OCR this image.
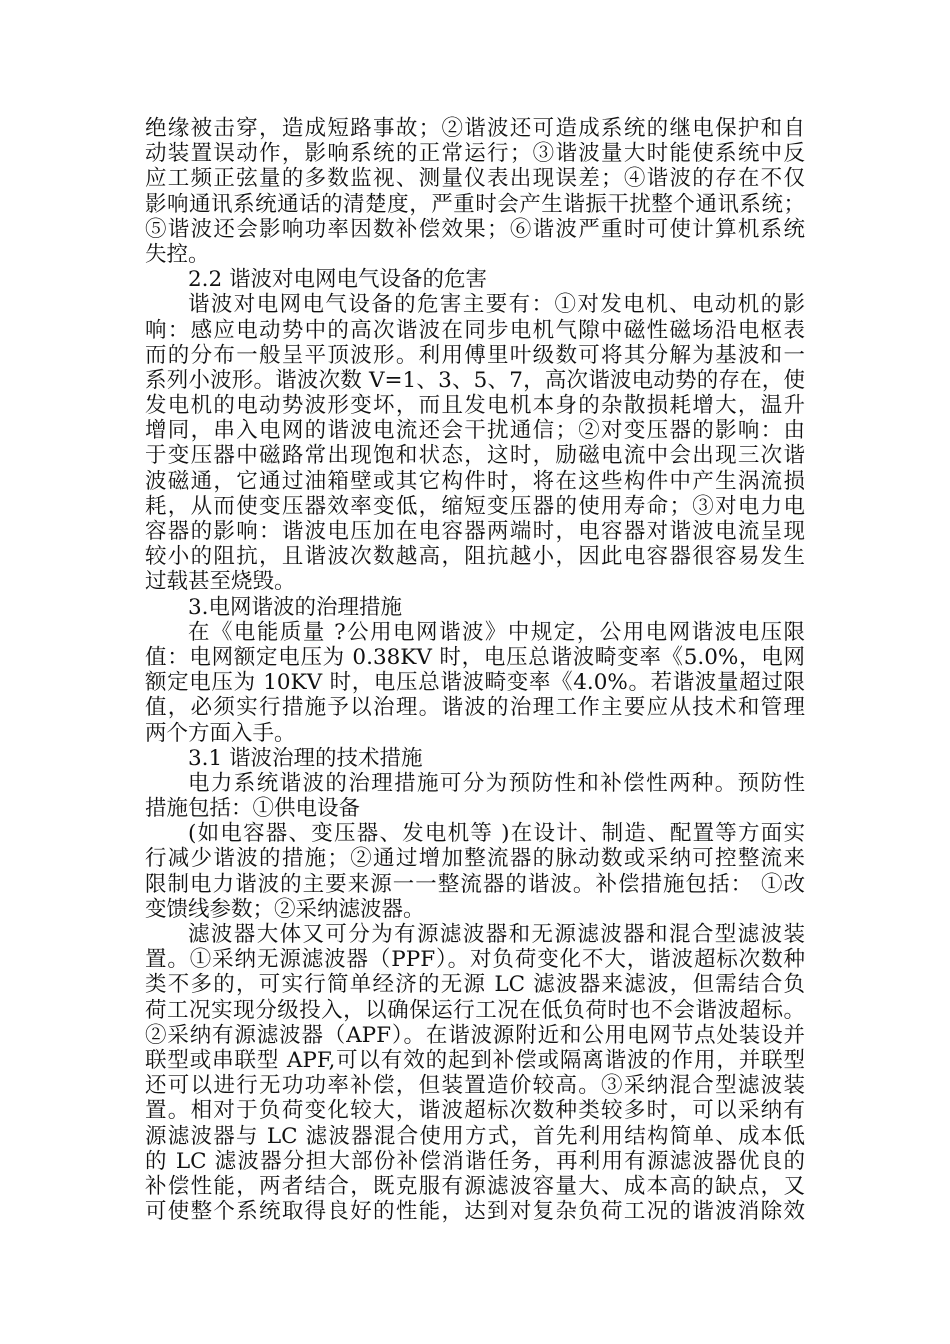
绝缘被击穿，造成短路事故；②谐波还可造成系统的继电保护和自
动装置误动作，影响系统的正常运行；③谐波量大时能使系统中反
应工频正弦量的多数监视、测量仪表出现误差；④谐波的存在不仅
影响通讯系统通话的清楚度，严重时会产生谐振干扰整个通讯系统；
⑤谐波还会影响功率因数补偿效果；⑥谐波严重时可使计算机系统
失控。
2.2 谐波对电网电气设备的危害
谐波对电网电气设备的危害主要有：①对发电机、电动机的影
响：感应电动势中的高次谐波在同步电机气隙中磁性磁场沿电枢表
而的分布一般呈平顶波形。利用傅里叶级数可将其分解为基波和一
系列小波形。谐波次数 V=1、3、5、7，高次谐波电动势的存在，使
发电机的电动势波形变坏，而且发电机本身的杂散损耗增大，温升
增同，串入电网的谐波电流还会干扰通信；②对变压器的影响：由
于变压器中磁路常出现饱和状态，这时，励磁电流中会出现三次谐
波磁通，它通过油箱壁或其它构件时，将在这些构件中产生涡流损
耗，从而使变压器效率变低，缩短变压器的使用寿命；③对电力电
容器的影响：谐波电压加在电容器两端时，电容器对谐波电流呈现
较小的阻抗，且谐波次数越高，阻抗越小，因此电容器很容易发生
过载甚至烧毁。
3.电网谐波的治理措施
在《电能质量 ?公用电网谐波》中规定，公用电网谐波电压限
值：电网额定电压为 0.38KV 时，电压总谐波畸变率《5.0%，电网
额定电压为 10KV 时，电压总谐波畸变率《4.0%。若谐波量超过限
值，必须实行措施予以治理。谐波的治理工作主要应从技术和管理
两个方面入手。
3.1 谐波治理的技术措施
电力系统谐波的治理措施可分为预防性和补偿性两种。预防性
措施包括：①供电设备
(如电容器、变压器、发电机等 )在设计、制造、配置等方面实
行减少谐波的措施；②通过增加整流器的脉动数或采纳可控整流来
限制电力谐波的主要来源一一整流器的谐波。补偿措施包括： ①改
变馈线参数；②采纳滤波器。
滤波器大体又可分为有源滤波器和无源滤波器和混合型滤波装
置。①采纳无源滤波器（PPF）。对负荷变化不大，谐波超标次数种
类不多的，可实行简单经济的无源 LC 滤波器来滤波，但需结合负
荷工况实现分级投入，以确保运行工况在低负荷时也不会谐波超标。
②采纳有源滤波器（APF）。在谐波源附近和公用电网节点处装设并
联型或串联型 APF,可以有效的起到补偿或隔离谐波的作用，并联型
还可以进行无功功率补偿，但装置造价较高。③采纳混合型滤波装
置。相对于负荷变化较大，谐波超标次数种类较多时，可以采纳有
源滤波器与 LC 滤波器混合使用方式，首先利用结构简单、成本低
的 LC 滤波器分担大部份补偿消谐任务，再利用有源滤波器优良的
补偿性能，两者结合，既克服有源滤波容量大、成本高的缺点，又
可使整个系统取得良好的性能，达到对复杂负荷工况的谐波消除效
